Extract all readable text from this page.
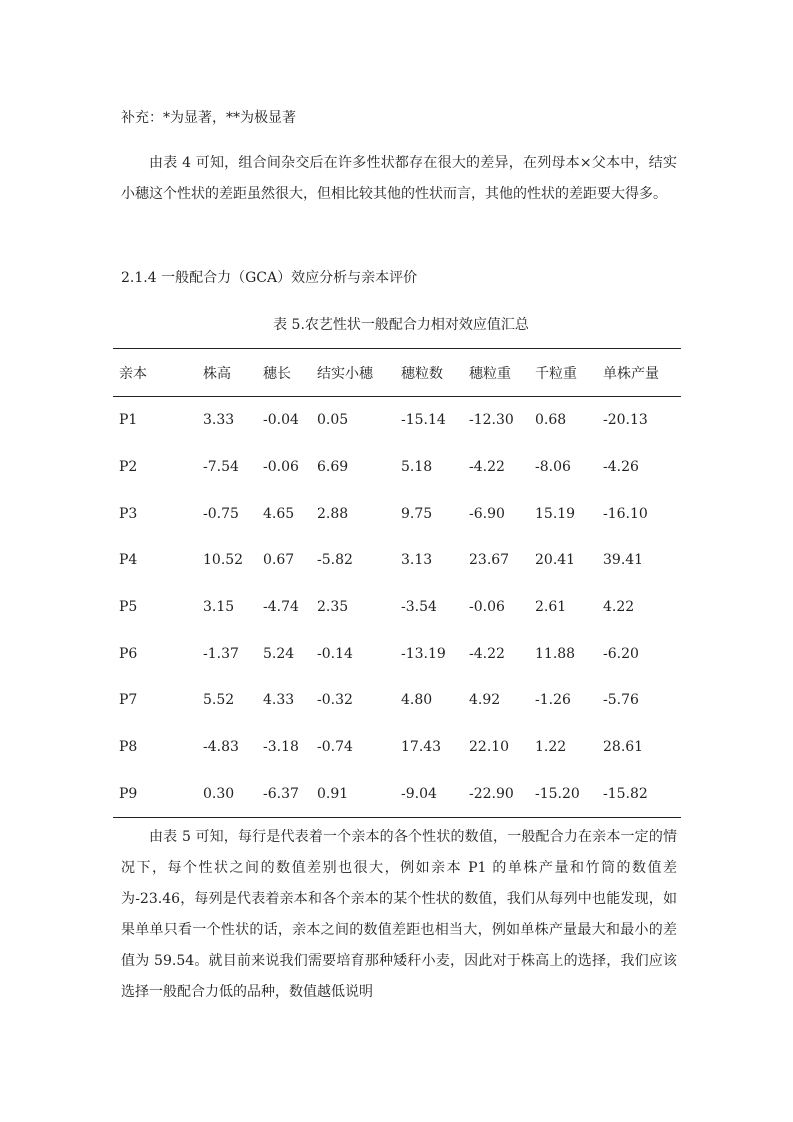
补充：*为显著，**为极显著

由表 4 可知，组合间杂交后在许多性状都存在很大的差异，在列母本×父本中，结实小穗这个性状的差距虽然很大，但相比较其他的性状而言，其他的性状的差距要大得多。

2.1.4 一般配合力（GCA）效应分析与亲本评价
表 5.农艺性状一般配合力相对效应值汇总
亲本	株高	穗长	结实小穗	穗粒数	穗粒重	千粒重	单株产量
P1	3.33	-0.04	0.05	-15.14	-12.30	0.68	-20.13
P2	-7.54	-0.06	6.69	5.18	-4.22	-8.06	-4.26
P3	-0.75	4.65	2.88	9.75	-6.90	15.19	-16.10
P4	10.52	0.67	-5.82	3.13	23.67	20.41	39.41
P5	3.15	-4.74	2.35	-3.54	-0.06	2.61	4.22
P6	-1.37	5.24	-0.14	-13.19	-4.22	11.88	-6.20
P7	5.52	4.33	-0.32	4.80	4.92	-1.26	-5.76
P8	-4.83	-3.18	-0.74	17.43	22.10	1.22	28.61
P9	0.30	-6.37	0.91	-9.04	-22.90	-15.20	-15.82

由表 5 可知，每行是代表着一个亲本的各个性状的数值，一般配合力在亲本一定的情况下，每个性状之间的数值差别也很大，例如亲本 P1 的单株产量和竹筒的数值差为-23.46，每列是代表着亲本和各个亲本的某个性状的数值，我们从每列中也能发现，如果单单只看一个性状的话，亲本之间的数值差距也相当大，例如单株产量最大和最小的差值为 59.54。就目前来说我们需要培育那种矮秆小麦，因此对于株高上的选择，我们应该选择一般配合力低的品种，数值越低说明
